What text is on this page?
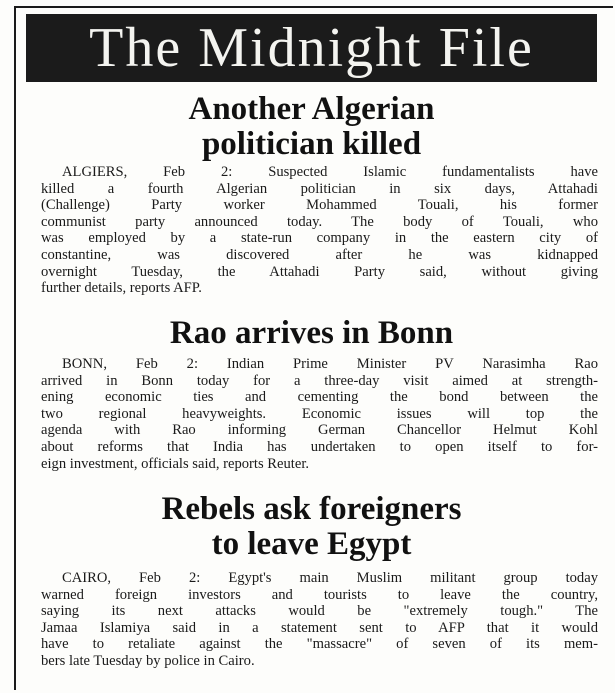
The Midnight File
Another Algerian
politician killed
ALGIERS, Feb 2: Suspected Islamic fundamentalists have
killed a fourth Algerian politician in six days, Attahadi
(Challenge) Party worker Mohammed Touali, his former
communist party announced today. The body of Touali, who
was employed by a state-run company in the eastern city of
constantine, was discovered after he was kidnapped
overnight Tuesday, the Attahadi Party said, without giving
further details, reports AFP.
Rao arrives in Bonn
BONN, Feb 2: Indian Prime Minister PV Narasimha Rao
arrived in Bonn today for a three-day visit aimed at strength-
ening economic ties and cementing the bond between the
two regional heavyweights. Economic issues will top the
agenda with Rao informing German Chancellor Helmut Kohl
about reforms that India has undertaken to open itself to for-
eign investment, officials said, reports Reuter.
Rebels ask foreigners
to leave Egypt
CAIRO, Feb 2: Egypt's main Muslim militant group today
warned foreign investors and tourists to leave the country,
saying its next attacks would be "extremely tough." The
Jamaa Islamiya said in a statement sent to AFP that it would
have to retaliate against the "massacre" of seven of its mem-
bers late Tuesday by police in Cairo.
